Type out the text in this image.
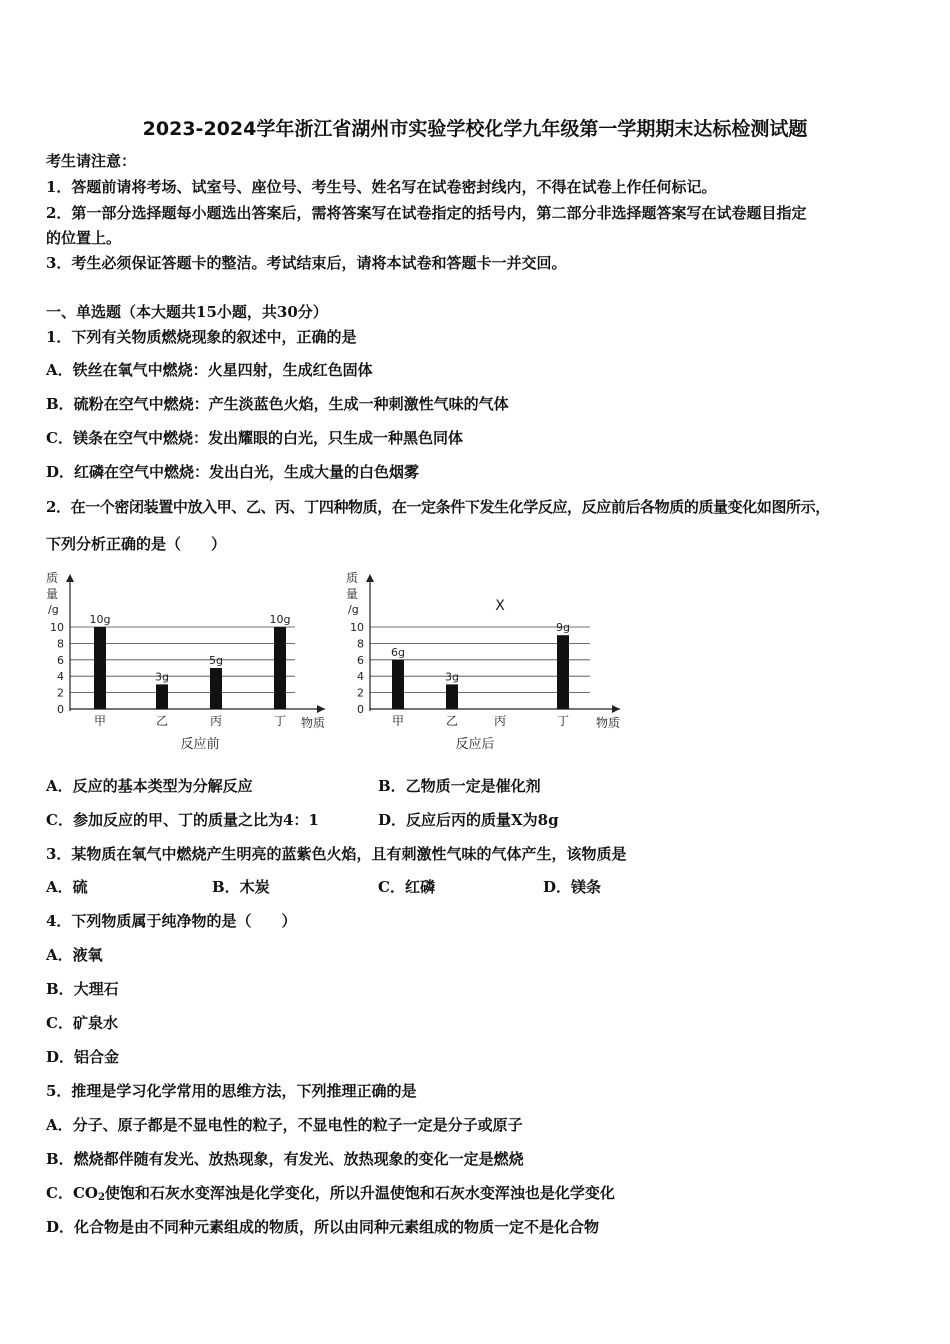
2023-2024学年浙江省湖州市实验学校化学九年级第一学期期末达标检测试题
考生请注意：
1．答题前请将考场、试室号、座位号、考生号、姓名写在试卷密封线内，不得在试卷上作任何标记。
2．第一部分选择题每小题选出答案后，需将答案写在试卷指定的括号内，第二部分非选择题答案写在试卷题目指定
的位置上。
3．考生必须保证答题卡的整洁。考试结束后，请将本试卷和答题卡一并交回。
一、单选题（本大题共15小题，共30分）
1．下列有关物质燃烧现象的叙述中，正确的是
A．铁丝在氧气中燃烧：火星四射，生成红色固体
B．硫粉在空气中燃烧：产生淡蓝色火焰，生成一种刺激性气味的气体
C．镁条在空气中燃烧：发出耀眼的白光，只生成一种黑色同体
D．红磷在空气中燃烧：发出白光，生成大量的白色烟雾
2．在一个密闭装置中放入甲、乙、丙、丁四种物质，在一定条件下发生化学反应，反应前后各物质的质量变化如图所示，
下列分析正确的是（　　）
0
2
4
6
8
10
质
量
/g
物质
10g
甲
3g
乙
5g
丙
10g
丁
反应前
0
2
4
6
8
10
质
量
/g
物质
6g
甲
3g
乙
X
丙
9g
丁
反应后
A．反应的基本类型为分解反应	B．乙物质一定是催化剂
C．参加反应的甲、丁的质量之比为4：1	D．反应后丙的质量X为8g
3．某物质在氧气中燃烧产生明亮的蓝紫色火焰，且有刺激性气味的气体产生，该物质是
A．硫	B．木炭	C．红磷	D．镁条
4．下列物质属于纯净物的是（　　）
A．液氧
B．大理石
C．矿泉水
D．铝合金
5．推理是学习化学常用的思维方法，下列推理正确的是
A．分子、原子都是不显电性的粒子，不显电性的粒子一定是分子或原子
B．燃烧都伴随有发光、放热现象，有发光、放热现象的变化一定是燃烧
C．$CO_2$使饱和石灰水变浑浊是化学变化，所以升温使饱和石灰水变浑浊也是化学变化
D．化合物是由不同种元素组成的物质，所以由同种元素组成的物质一定不是化合物
